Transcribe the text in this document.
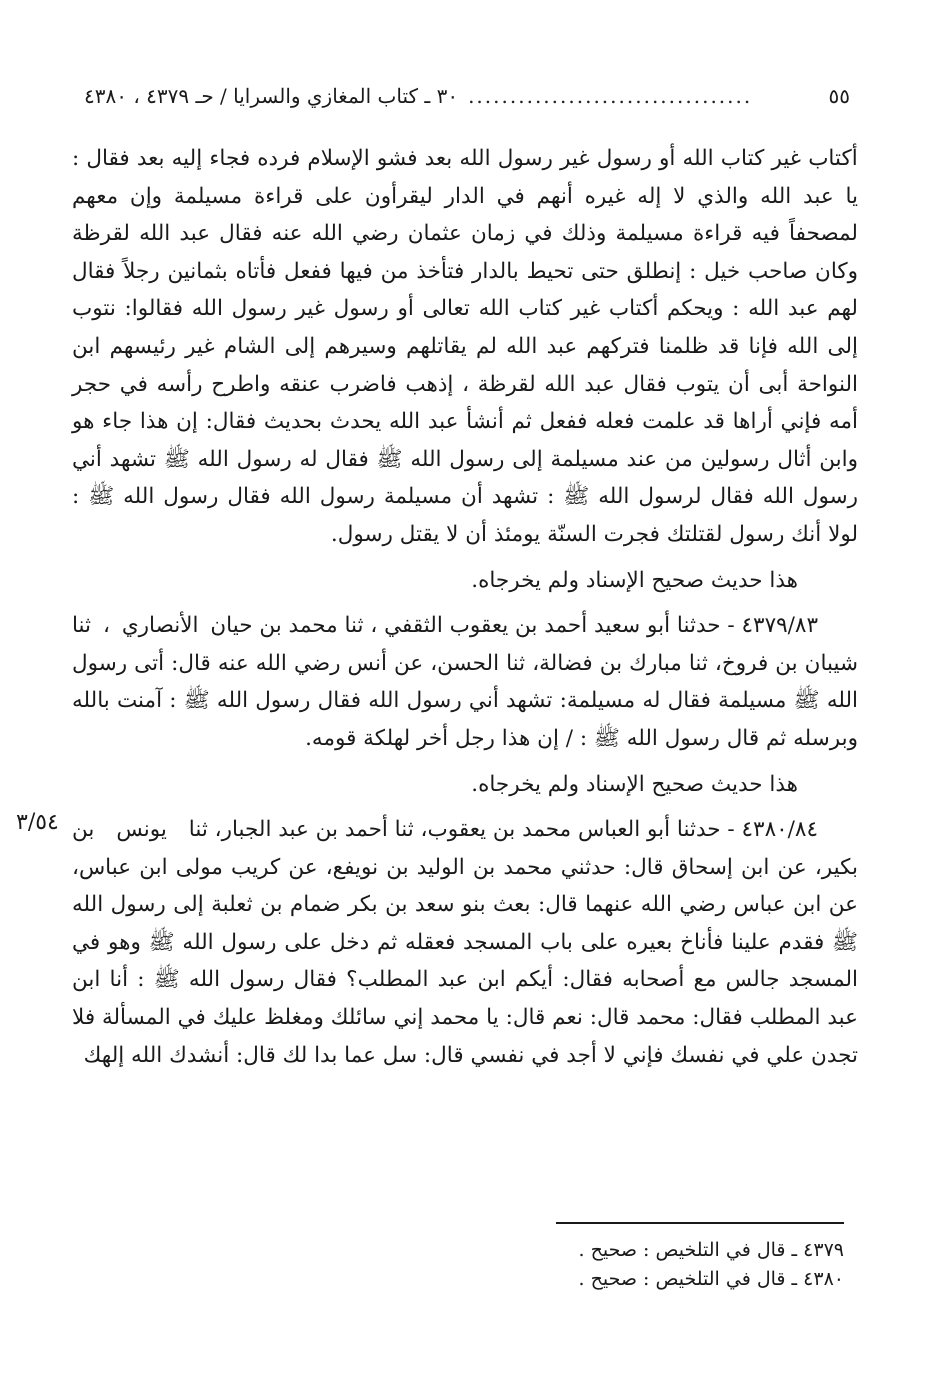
٣٠ ـ كتاب المغازي والسرايا / حـ ٤٣٧٩ ، ٤٣٨٠ ..................................	٥٥

أكتاب غير كتاب الله أو رسول غير رسول الله بعد فشو الإسلام فرده فجاء إليه بعد فقال : يا عبد الله والذي لا إله غيره أنهم في الدار ليقرأون على قراءة مسيلمة وإن معهم لمصحفاً فيه قراءة مسيلمة وذلك في زمان عثمان رضي الله عنه فقال عبد الله لقرظة وكان صاحب خيل : إنطلق حتى تحيط بالدار فتأخذ من فيها ففعل فأتاه بثمانين رجلاً فقال لهم عبد الله : ويحكم أكتاب غير كتاب الله تعالى أو رسول غير رسول الله فقالوا: نتوب إلى الله فإنا قد ظلمنا فتركهم عبد الله لم يقاتلهم وسيرهم إلى الشام غير رئيسهم ابن النواحة أبى أن يتوب فقال عبد الله لقرظة ، إذهب فاضرب عنقه واطرح رأسه في حجر أمه فإني أراها قد علمت فعله ففعل ثم أنشأ عبد الله يحدث بحديث فقال: إن هذا جاء هو وابن أثال رسولين من عند مسيلمة إلى رسول الله ﷺ فقال له رسول الله ﷺ تشهد أني رسول الله فقال لرسول الله ﷺ : تشهد أن مسيلمة رسول الله فقال رسول الله ﷺ : لولا أنك رسول لقتلتك فجرت السنّة يومئذ أن لا يقتل رسول.

هذا حديث صحيح الإسناد ولم يخرجاه.

٤٣٧٩/٨٣ - حدثنا أبو سعيد أحمد بن يعقوب الثقفي ، ثنا محمد بن حيان الأنصاري ، ثنا شيبان بن فروخ، ثنا مبارك بن فضالة، ثنا الحسن، عن أنس رضي الله عنه قال: أتى رسول الله ﷺ مسيلمة فقال له مسيلمة: تشهد أني رسول الله فقال رسول الله ﷺ : آمنت بالله وبرسله ثم قال رسول الله ﷺ : / إن هذا رجل أخر لهلكة قومه.

هذا حديث صحيح الإسناد ولم يخرجاه.

٤٣٨٠/٨٤ - حدثنا أبو العباس محمد بن يعقوب، ثنا أحمد بن عبد الجبار، ثنا يونس بن بكير، عن ابن إسحاق قال: حدثني محمد بن الوليد بن نويفع، عن كريب مولى ابن عباس، عن ابن عباس رضي الله عنهما قال: بعث بنو سعد بن بكر ضمام بن ثعلبة إلى رسول الله ﷺ فقدم علينا فأناخ بعيره على باب المسجد فعقله ثم دخل على رسول الله ﷺ وهو في المسجد جالس مع أصحابه فقال: أيكم ابن عبد المطلب؟ فقال رسول الله ﷺ : أنا ابن عبد المطلب فقال: محمد قال: نعم قال: يا محمد إني سائلك ومغلظ عليك في المسألة فلا تجدن علي في نفسك فإني لا أجد في نفسي قال: سل عما بدا لك قال: أنشدك الله إلهك

٣/٥٤
٤٣٧٩ ـ قال في التلخيص : صحيح .
٤٣٨٠ ـ قال في التلخيص : صحيح .
